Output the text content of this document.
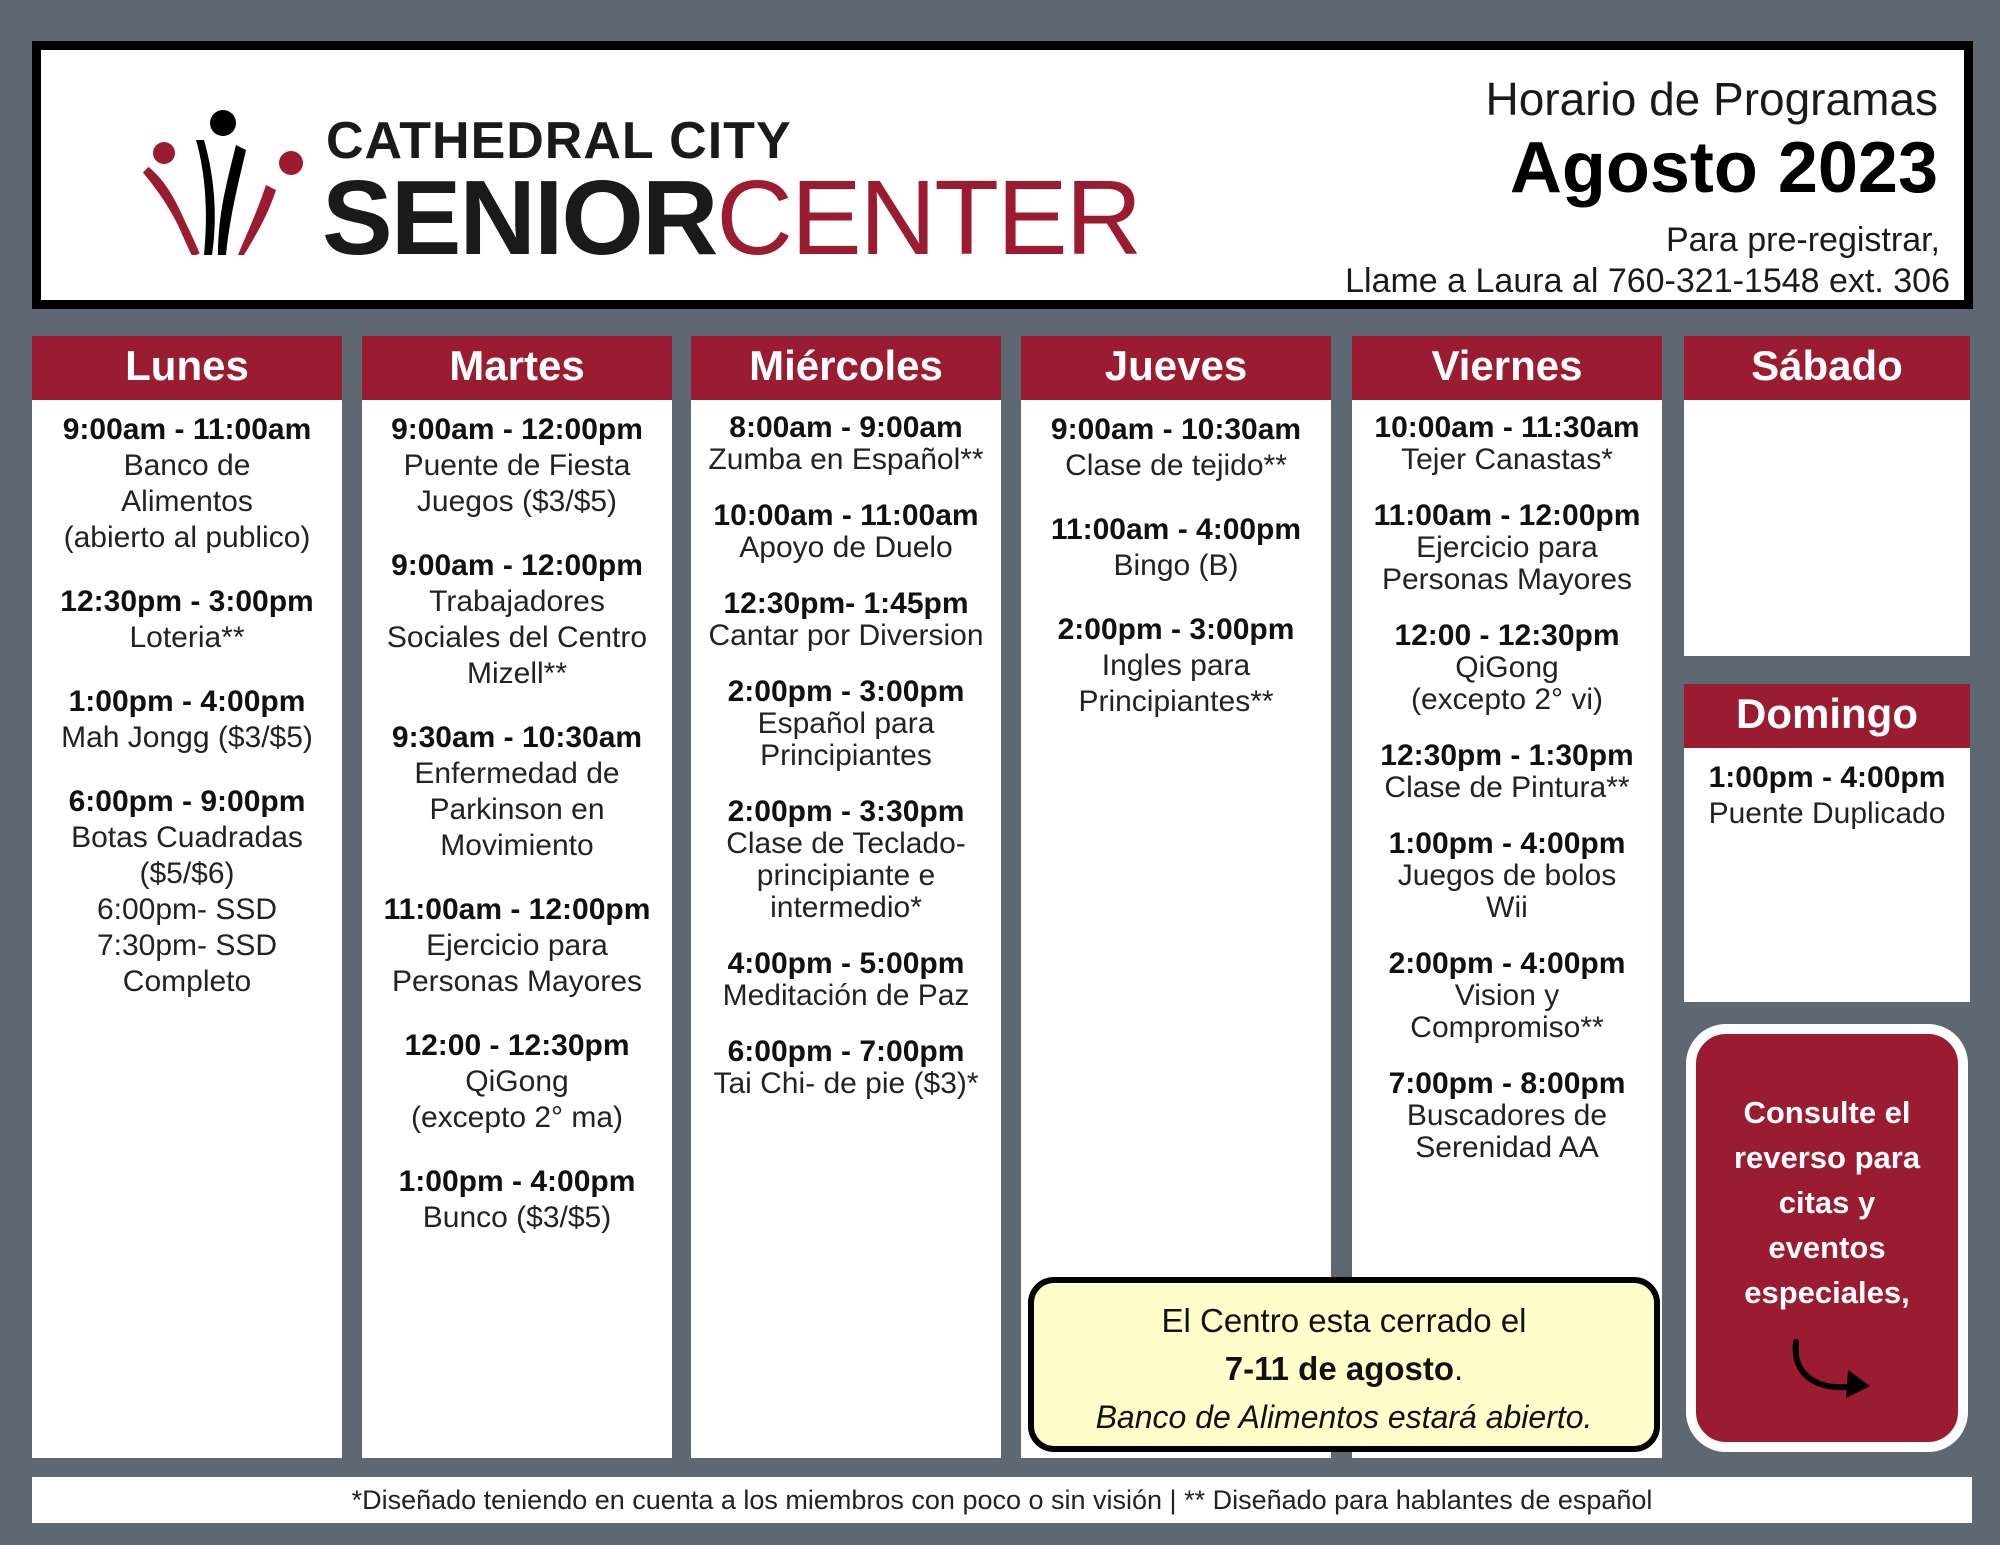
CATHEDRAL CITY
SENIORCENTER
Horario de Programas
Agosto 2023
Para pre-registrar,
Llame a Laura al 760-321-1548 ext. 306
Lunes
9:00am - 11:00am
Banco de
Alimentos
(abierto al publico)
12:30pm - 3:00pm
Loteria**
1:00pm - 4:00pm
Mah Jongg ($3/$5)
6:00pm - 9:00pm
Botas Cuadradas
($5/$6)
6:00pm- SSD
7:30pm- SSD
Completo
Martes
9:00am - 12:00pm
Puente de Fiesta
Juegos ($3/$5)
9:00am - 12:00pm
Trabajadores
Sociales del Centro
Mizell**
9:30am - 10:30am
Enfermedad de
Parkinson en
Movimiento
11:00am - 12:00pm
Ejercicio para
Personas Mayores
12:00 - 12:30pm
QiGong
(excepto 2° ma)
1:00pm - 4:00pm
Bunco ($3/$5)
Miércoles
8:00am - 9:00am
Zumba en Español**
10:00am - 11:00am
Apoyo de Duelo
12:30pm- 1:45pm
Cantar por Diversion
2:00pm - 3:00pm
Español para
Principiantes
2:00pm - 3:30pm
Clase de Teclado-
principiante e
intermedio*
4:00pm - 5:00pm
Meditación de Paz
6:00pm - 7:00pm
Tai Chi- de pie ($3)*
Jueves
9:00am - 10:30am
Clase de tejido**
11:00am - 4:00pm
Bingo (B)
2:00pm - 3:00pm
Ingles para
Principiantes**
Viernes
10:00am - 11:30am
Tejer Canastas*
11:00am - 12:00pm
Ejercicio para
Personas Mayores
12:00 - 12:30pm
QiGong
(excepto 2° vi)
12:30pm - 1:30pm
Clase de Pintura**
1:00pm - 4:00pm
Juegos de bolos
Wii
2:00pm - 4:00pm
Vision y
Compromiso**
7:00pm - 8:00pm
Buscadores de
Serenidad AA
Sábado
Domingo
1:00pm - 4:00pm
Puente Duplicado
Consulte el
reverso para
citas y
eventos
especiales,
El Centro esta cerrado el
7-11 de agosto.
Banco de Alimentos estará abierto.
*Diseñado teniendo en cuenta a los miembros con poco o sin visión | ** Diseñado para hablantes de español
